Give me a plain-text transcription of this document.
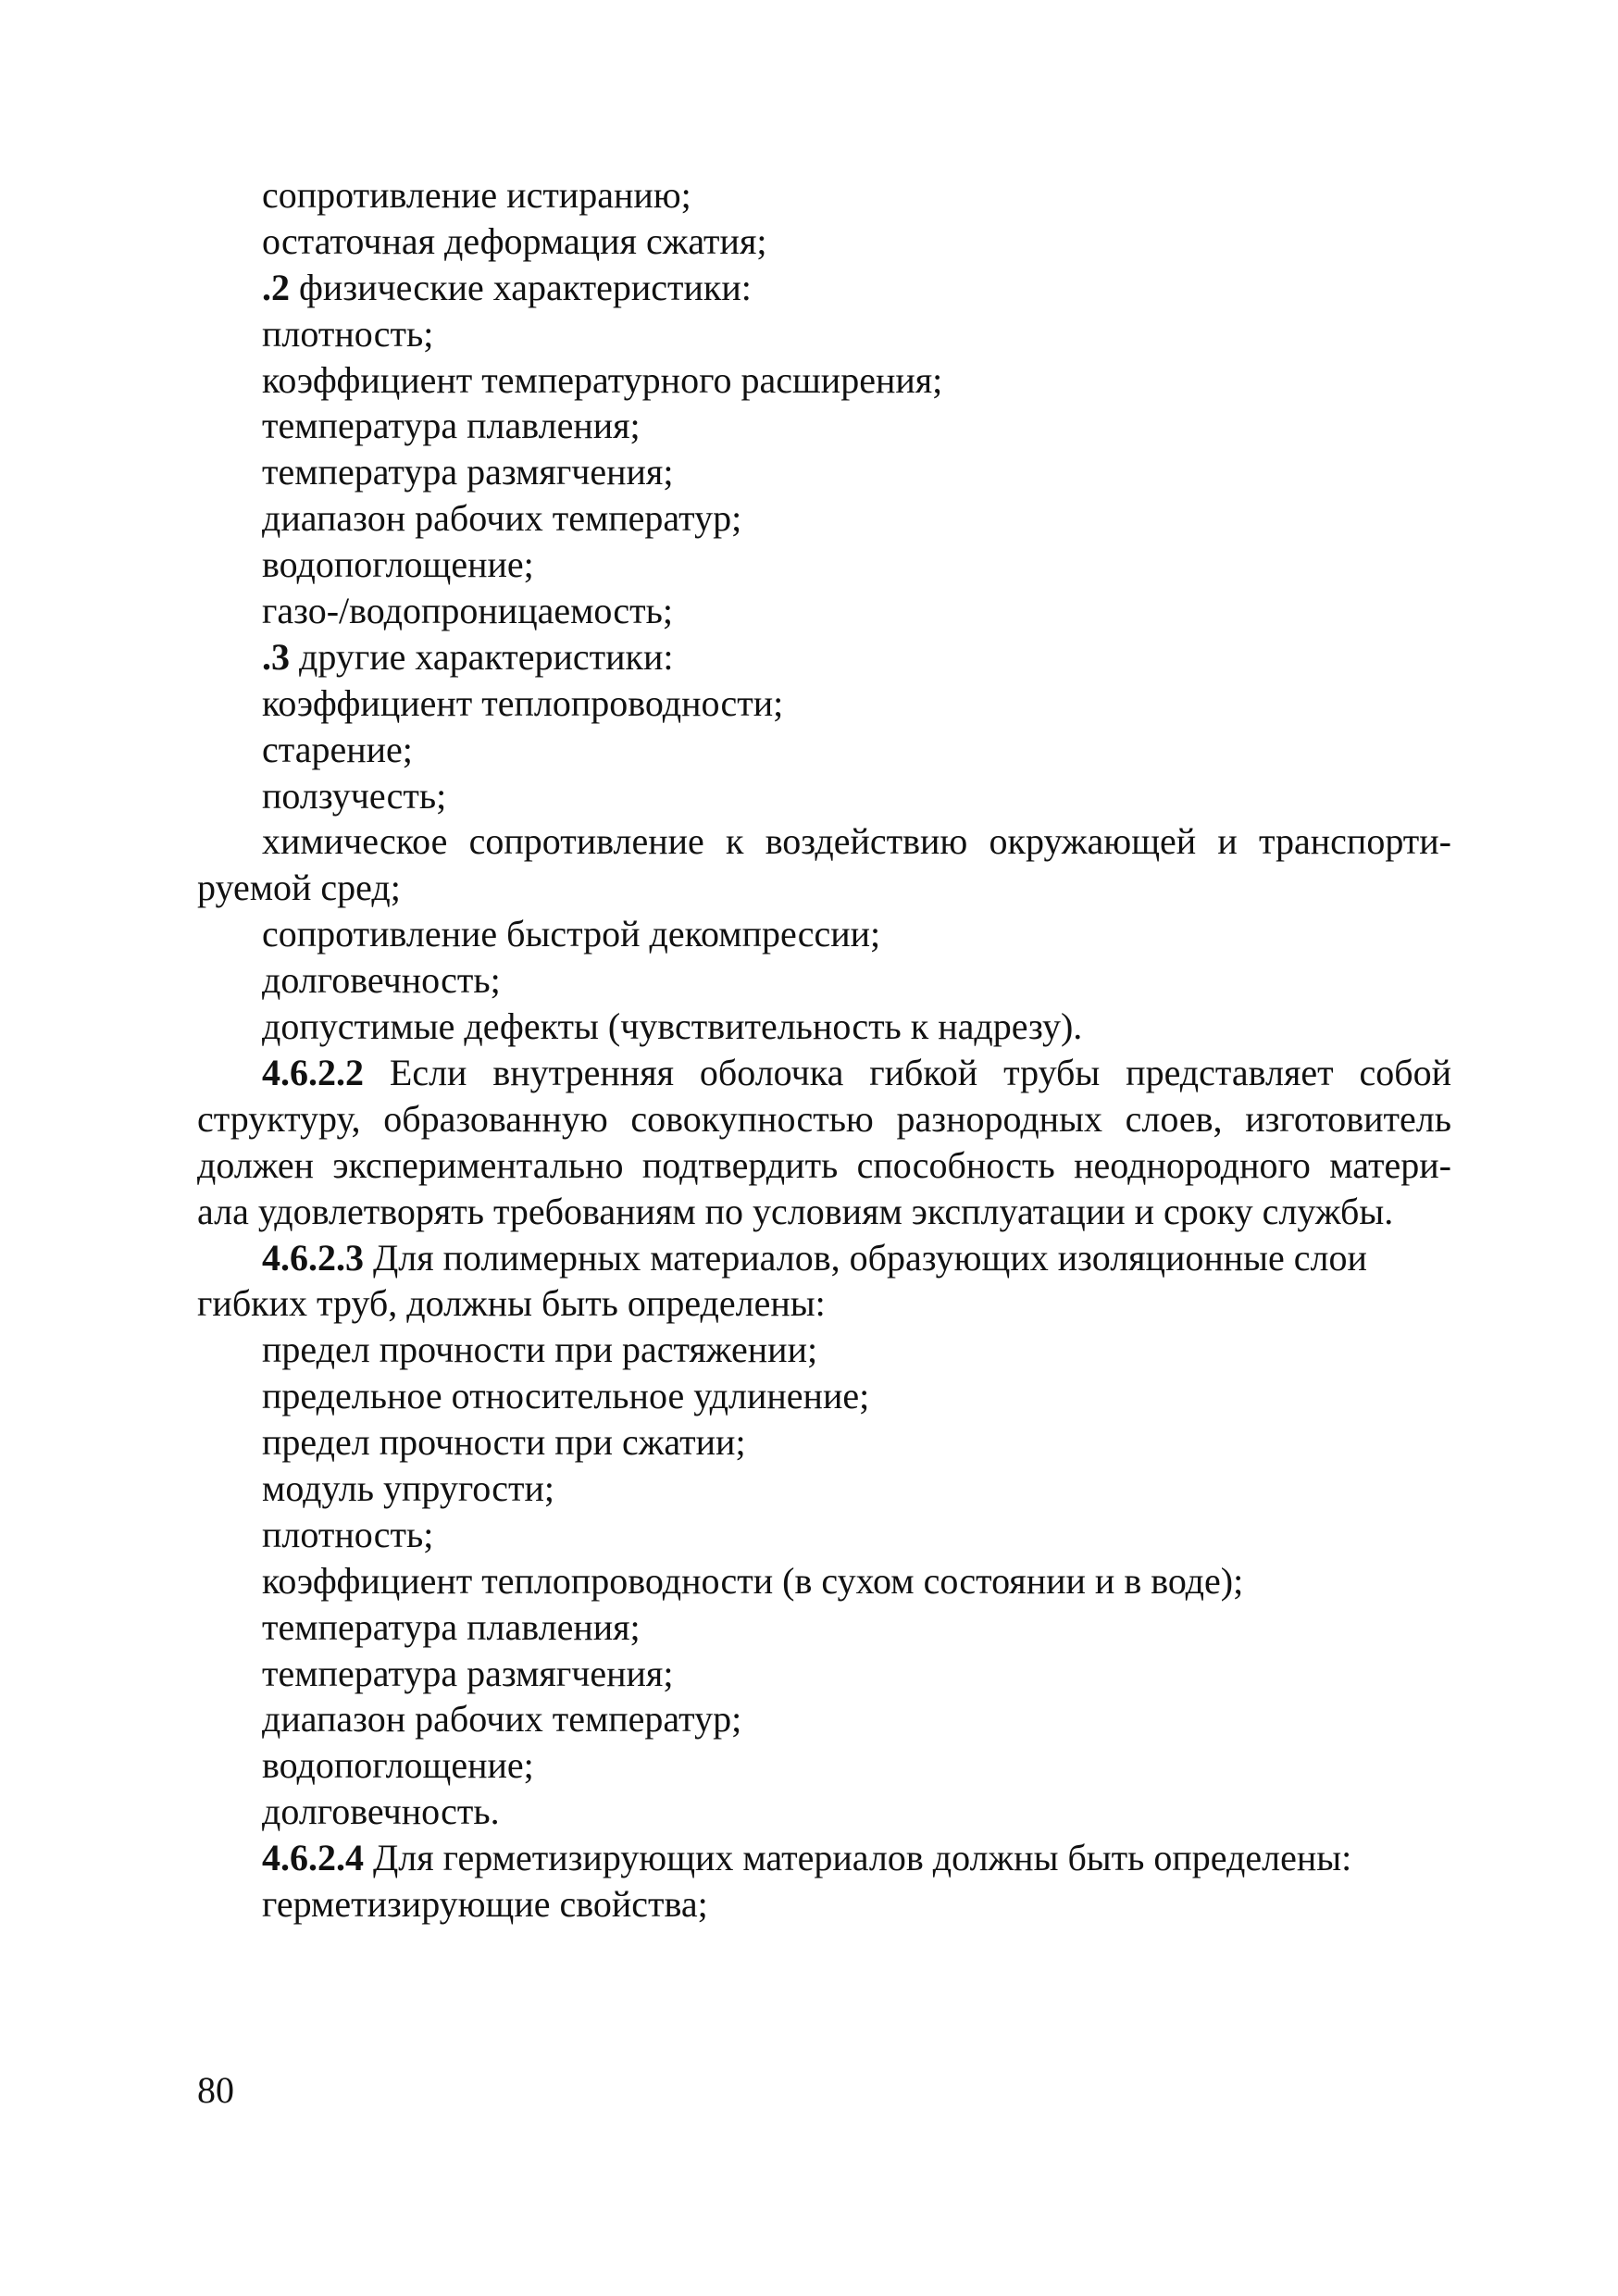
сопротивление истиранию;
остаточная деформация сжатия;
.2 физические характеристики:
плотность;
коэффициент температурного расширения;
температура плавления;
температура размягчения;
диапазон рабочих температур;
водопоглощение;
газо-/водопроницаемость;
.3 другие характеристики:
коэффициент теплопроводности;
старение;
ползучесть;
химическое сопротивление к воздействию окружающей и транспорти-
руемой сред;
сопротивление быстрой декомпрессии;
долговечность;
допустимые дефекты (чувствительность к надрезу).

4.6.2.2 Если внутренняя оболочка гибкой трубы представляет собой структуру, образованную совокупностью разнородных слоев, изготовитель должен экспериментально подтвердить способность неоднородного матери-ала удовлетворять требованиям по условиям эксплуатации и сроку службы.

4.6.2.3 Для полимерных материалов, образующих изоляционные слои гибких труб, должны быть определены:

предел прочности при растяжении;
предельное относительное удлинение;
предел прочности при сжатии;
модуль упругости;
плотность;
коэффициент теплопроводности (в сухом состоянии и в воде);
температура плавления;
температура размягчения;
диапазон рабочих температур;
водопоглощение;
долговечность.
4.6.2.4 Для герметизирующих материалов должны быть определены:
герметизирующие свойства;
80
